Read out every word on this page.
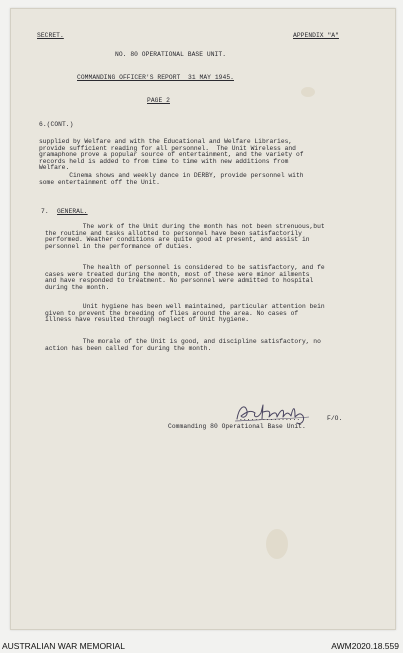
SECRET.	APPENDIX "A"
NO. 80 OPERATIONAL BASE UNIT.
COMMANDING OFFICER'S REPORT  31 MAY 1945.
PAGE 2
6.(CONT.)
supplied by Welfare and with the Educational and Welfare Libraries,
provide sufficient reading for all personnel.  The Unit Wireless and
gramaphone prove a popular source of entertainment, and the variety of
records held is added to from time to time with new additions from
Welfare.
Cinema shows and weekly dance in DERBY, provide personnel with
some entertainment off the Unit.
7. GENERAL.
The work of the Unit during the month has not been strenuous,but
the routine and tasks allotted to personnel have been satisfactorily
performed. Weather conditions are quite good at present, and assist in
personnel in the performance of duties.
The health of personnel is considered to be satisfactory, and fe
cases were treated during the month, most of these were minor ailments
and have responded to treatment. No personnel were admitted to hospital
during the month.
Unit hygiene has been well maintained, particular attention bein
given to prevent the breeding of flies around the area. No cases of
illness have resulted through neglect of Unit hygiene.
The morale of the Unit is good, and discipline satisfactory, no
action has been called for during the month.
................	F/O.
Commanding 80 Operational Base Unit.
AUSTRALIAN WAR MEMORIAL	AWM2020.18.559
